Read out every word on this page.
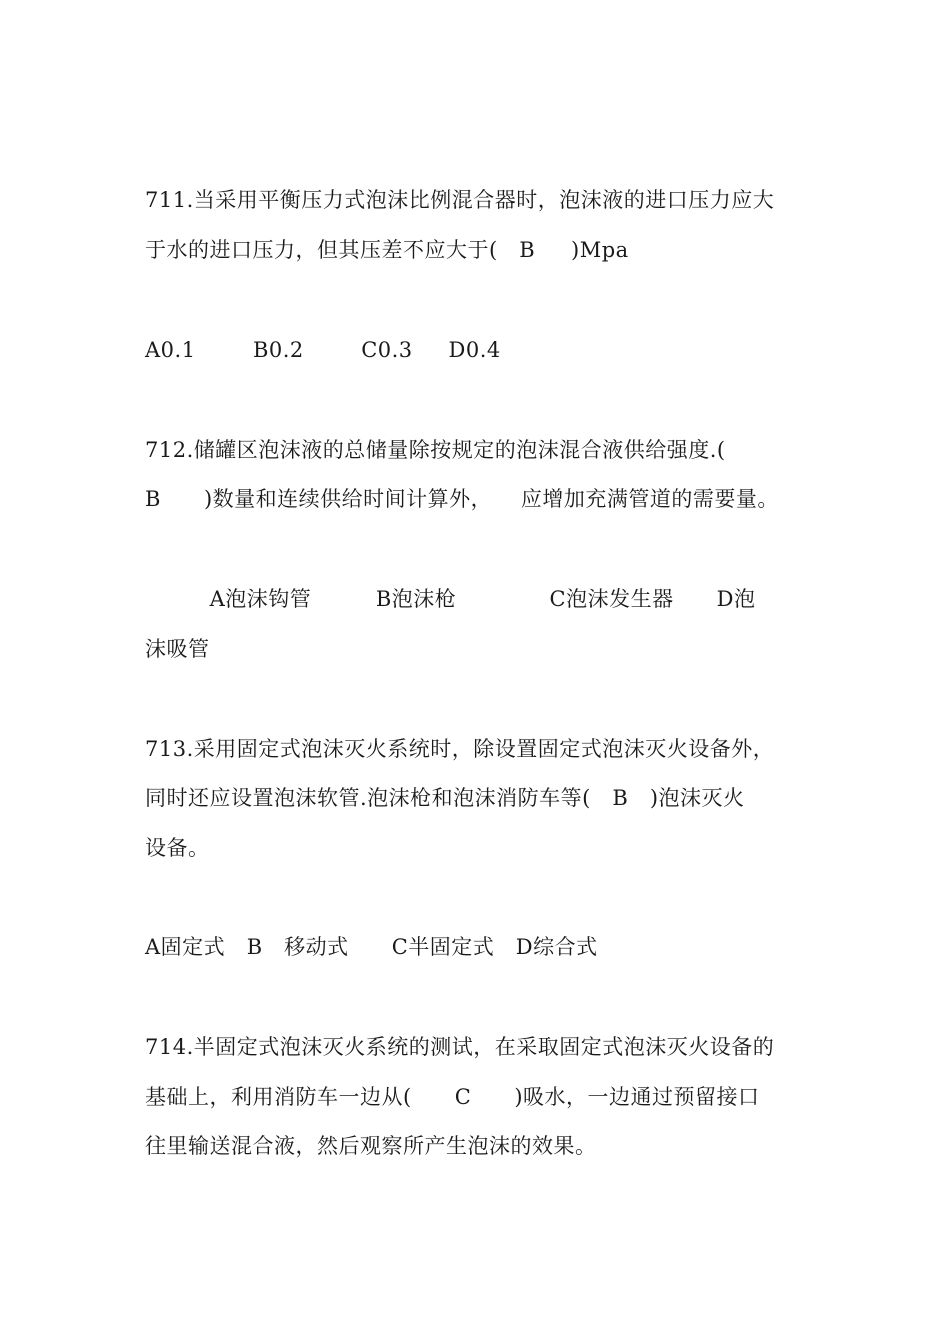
711.当采用平衡压力式泡沫比例混合器时，泡沫液的进口压力应大
于水的进口压力，但其压差不应大于(   B     )Mpa
A0.1        B0.2        C0.3     D0.4
712.储罐区泡沫液的总储量除按规定的泡沫混合液供给强度.(
B      )数量和连续供给时间计算外，    应增加充满管道的需要量。
A泡沫钩管         B泡沫枪             C泡沫发生器      D泡
沫吸管
713.采用固定式泡沫灭火系统时，除设置固定式泡沫灭火设备外，
同时还应设置泡沫软管.泡沫枪和泡沫消防车等(   B   )泡沫灭火
设备。
A固定式   B   移动式      C半固定式   D综合式
714.半固定式泡沫灭火系统的测试，在采取固定式泡沫灭火设备的
基础上，利用消防车一边从(      C      )吸水，一边通过预留接口
往里输送混合液，然后观察所产生泡沫的效果。
